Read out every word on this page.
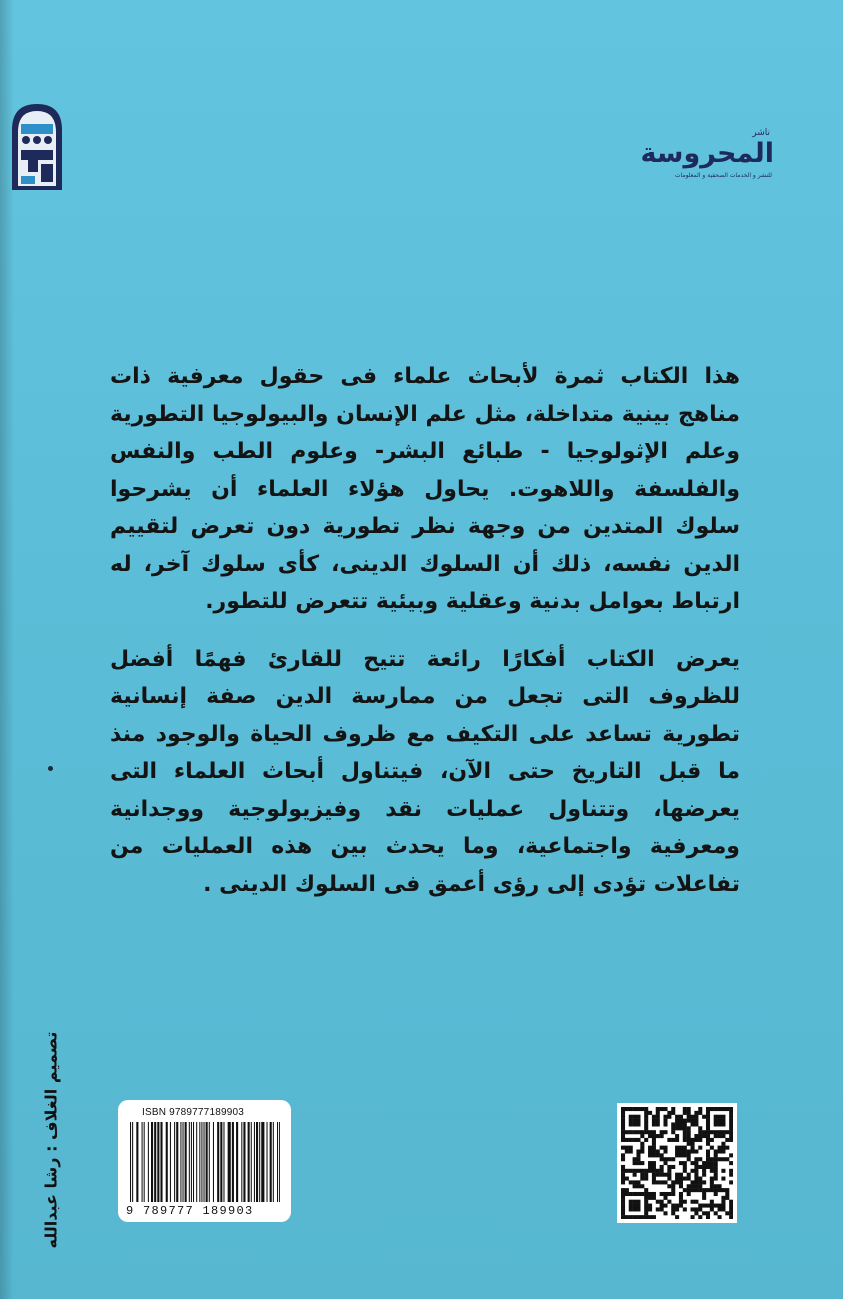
ناشر
المحروسة
للنشر و الخدمات الصحفية و المعلومات

هذا الكتاب ثمرة لأبحاث علماء فى حقول معرفية ذات مناهج بينية متداخلة، مثل علم الإنسان والبيولوجيا التطورية وعلم الإثولوجيا - طبائع البشر- وعلوم الطب والنفس والفلسفة واللاهوت. يحاول هؤلاء العلماء أن يشرحوا سلوك المتدين من وجهة نظر تطورية دون تعرض لتقييم الدين نفسه، ذلك أن السلوك الدينى، كأى سلوك آخر، له ارتباط بعوامل بدنية وعقلية وبيئية تتعرض للتطور.

يعرض الكتاب أفكارًا رائعة تتيح للقارئ فهمًا أفضل للظروف التى تجعل من ممارسة الدين صفة إنسانية تطورية تساعد على التكيف مع ظروف الحياة والوجود منذ ما قبل التاريخ حتى الآن، فيتناول أبحاث العلماء التى يعرضها، وتتناول عمليات نقد وفيزيولوجية ووجدانية ومعرفية واجتماعية، وما يحدث بين هذه العمليات من تفاعلات تؤدى إلى رؤى أعمق فى السلوك الدينى .

تصميم الغلاف : رشا عبدالله	ISBN 9789777189903
9 789777 189903
